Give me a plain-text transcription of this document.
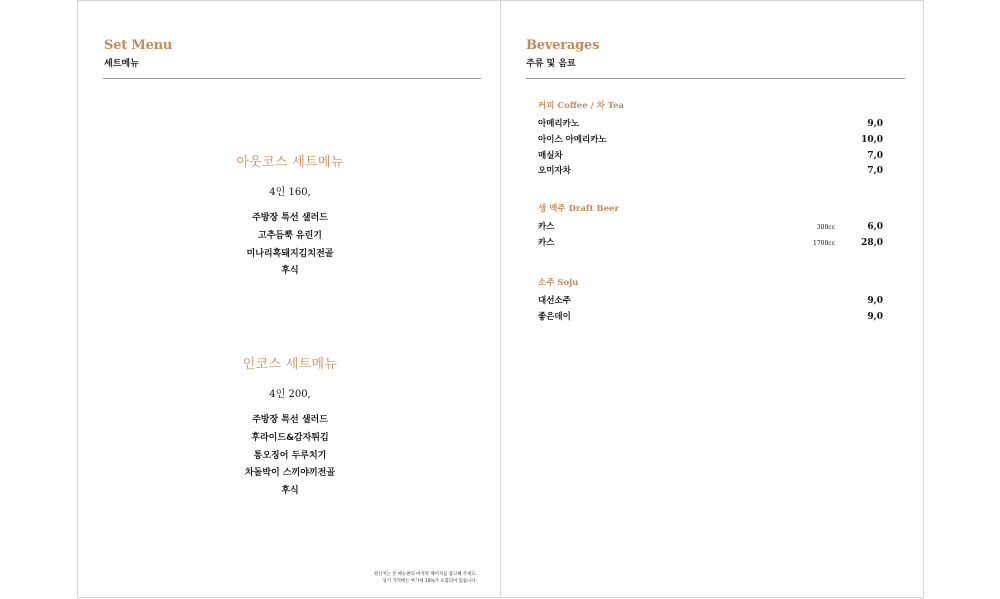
Set Menu
세트메뉴
아웃코스 세트메뉴
4인 160,
주방장 특선 샐러드
고추듬뿍 유린기
미나리흑돼지김치전골
후식
인코스 세트메뉴
4인 200,
주방장 특선 샐러드
후라이드&감자튀김
통오징어 두루치기
차돌박이 스끼야끼전골
후식
원산지는 본 메뉴판의 마지막 페이지를 참고해 주세요.
상기 가격에는 부가세 10%가 포함되어 있습니다.
Beverages
주류 및 음료
커피 Coffee / 차 Tea
아메리카노	9,0
아이스 아메리카노	10,0
매실차	7,0
오미자차	7,0
생 맥주 Draft Beer
카스	300cc	6,0
카스	1700cc	28,0
소주 Soju
대선소주	9,0
좋은데이	9,0
